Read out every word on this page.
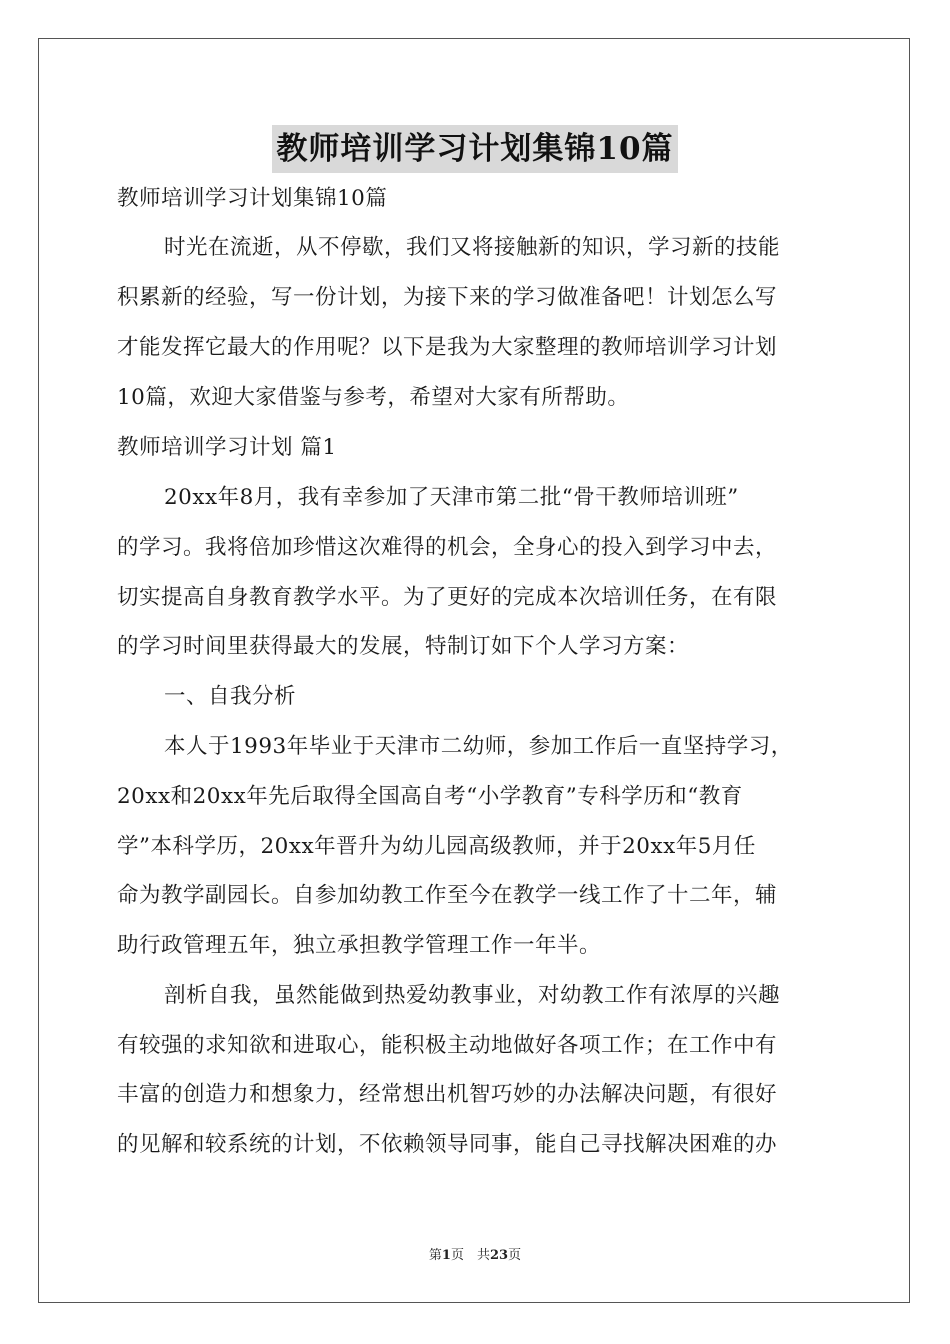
教师培训学习计划集锦10篇

教师培训学习计划集锦10篇

时光在流逝，从不停歇，我们又将接触新的知识，学习新的技能

积累新的经验，写一份计划，为接下来的学习做准备吧！计划怎么写

才能发挥它最大的作用呢？以下是我为大家整理的教师培训学习计划

10篇，欢迎大家借鉴与参考，希望对大家有所帮助。

教师培训学习计划 篇1

20xx年8月，我有幸参加了天津市第二批“骨干教师培训班”

的学习。我将倍加珍惜这次难得的机会，全身心的投入到学习中去，

切实提高自身教育教学水平。为了更好的完成本次培训任务，在有限

的学习时间里获得最大的发展，特制订如下个人学习方案：

一、自我分析

本人于1993年毕业于天津市二幼师，参加工作后一直坚持学习，

20xx和20xx年先后取得全国高自考“小学教育”专科学历和“教育

学”本科学历，20xx年晋升为幼儿园高级教师，并于20xx年5月任

命为教学副园长。自参加幼教工作至今在教学一线工作了十二年，辅

助行政管理五年，独立承担教学管理工作一年半。

剖析自我，虽然能做到热爱幼教事业，对幼教工作有浓厚的兴趣

有较强的求知欲和进取心，能积极主动地做好各项工作；在工作中有

丰富的创造力和想象力，经常想出机智巧妙的办法解决问题，有很好

的见解和较系统的计划，不依赖领导同事，能自己寻找解决困难的办

第1页　共23页
